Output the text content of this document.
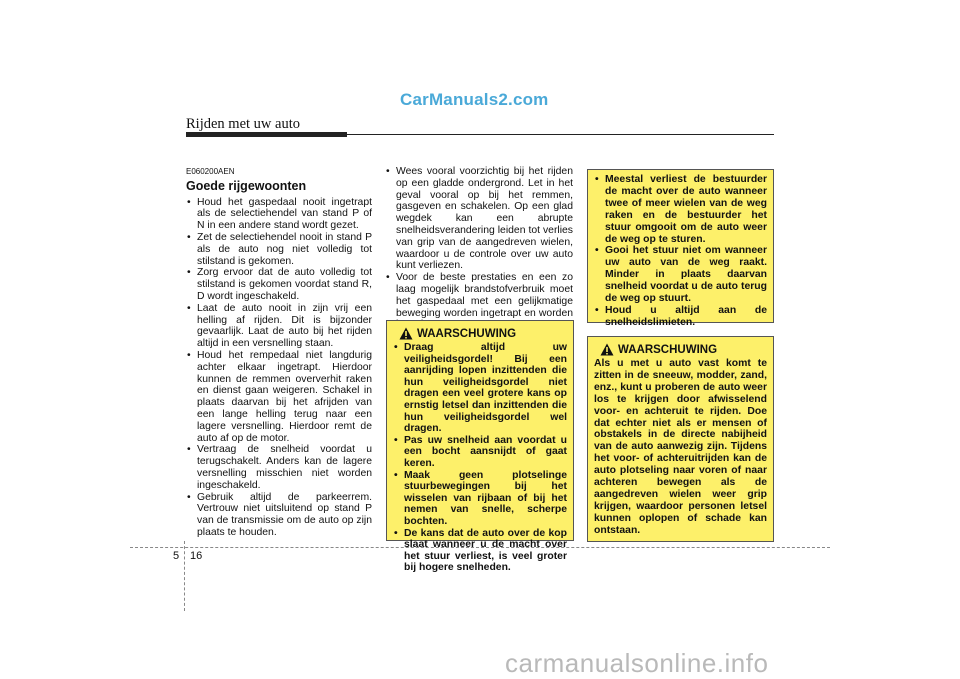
CarManuals2.com
Rijden met uw auto
E060200AEN
Goede rijgewoonten
• Houd het gaspedaal nooit ingetrapt als de selectiehendel van stand P of N in een andere stand wordt gezet.
• Zet de selectiehendel nooit in stand P als de auto nog niet volledig tot stilstand is gekomen.
• Zorg ervoor dat de auto volledig tot stilstand is gekomen voordat stand R, D wordt ingeschakeld.
• Laat de auto nooit in zijn vrij een helling af rijden. Dit is bijzonder gevaarlijk. Laat de auto bij het rijden altijd in een versnelling staan.
• Houd het rempedaal niet langdurig achter elkaar ingetrapt. Hierdoor kunnen de remmen oververhit raken en dienst gaan weigeren. Schakel in plaats daarvan bij het afrijden van een lange helling terug naar een lagere versnelling. Hierdoor remt de auto af op de motor.
• Vertraag de snelheid voordat u terugschakelt. Anders kan de lagere versnelling misschien niet worden ingeschakeld.
• Gebruik altijd de parkeerrem. Vertrouw niet uitsluitend op stand P van de transmissie om de auto op zijn plaats te houden.
• Wees vooral voorzichtig bij het rijden op een gladde ondergrond. Let in het geval vooral op bij het remmen, gasgeven en schakelen. Op een glad wegdek kan een abrupte snelheidsverandering leiden tot verlies van grip van de aangedreven wielen, waardoor u de controle over uw auto kunt verliezen.
• Voor de beste prestaties en een zo laag mogelijk brandstofverbruik moet het gaspedaal met een gelijkmatige beweging worden ingetrapt en worden
WAARSCHUWING
• Draag altijd uw veiligheidsgordel! Bij een aanrijding lopen inzittenden die hun veiligheidsgordel niet dragen een veel grotere kans op ernstig letsel dan inzittenden die hun veiligheidsgordel wel dragen.
• Pas uw snelheid aan voordat u een bocht aansnijdt of gaat keren.
• Maak geen plotselinge stuurbewegingen bij het wisselen van rijbaan of bij het nemen van snelle, scherpe bochten.
• De kans dat de auto over de kop slaat wanneer u de macht over het stuur verliest, is veel groter bij hogere snelheden.
• Meestal verliest de bestuurder de macht over de auto wanneer twee of meer wielen van de weg raken en de bestuurder het stuur omgooit om de auto weer de weg op te sturen.
• Gooi het stuur niet om wanneer uw auto van de weg raakt. Minder in plaats daarvan snelheid voordat u de auto terug de weg op stuurt.
• Houd u altijd aan de snelheidslimieten.
WAARSCHUWING

Als u met u auto vast komt te zitten in de sneeuw, modder, zand, enz., kunt u proberen de auto weer los te krijgen door afwisselend voor- en achteruit te rijden. Doe dat echter niet als er mensen of obstakels in de directe nabijheid van de auto aanwezig zijn. Tijdens het voor- of achteruitrijden kan de auto plotseling naar voren of naar achteren bewegen als de aangedreven wielen weer grip krijgen, waardoor personen letsel kunnen oplopen of schade kan ontstaan.

5 16
carmanualsonline.info
